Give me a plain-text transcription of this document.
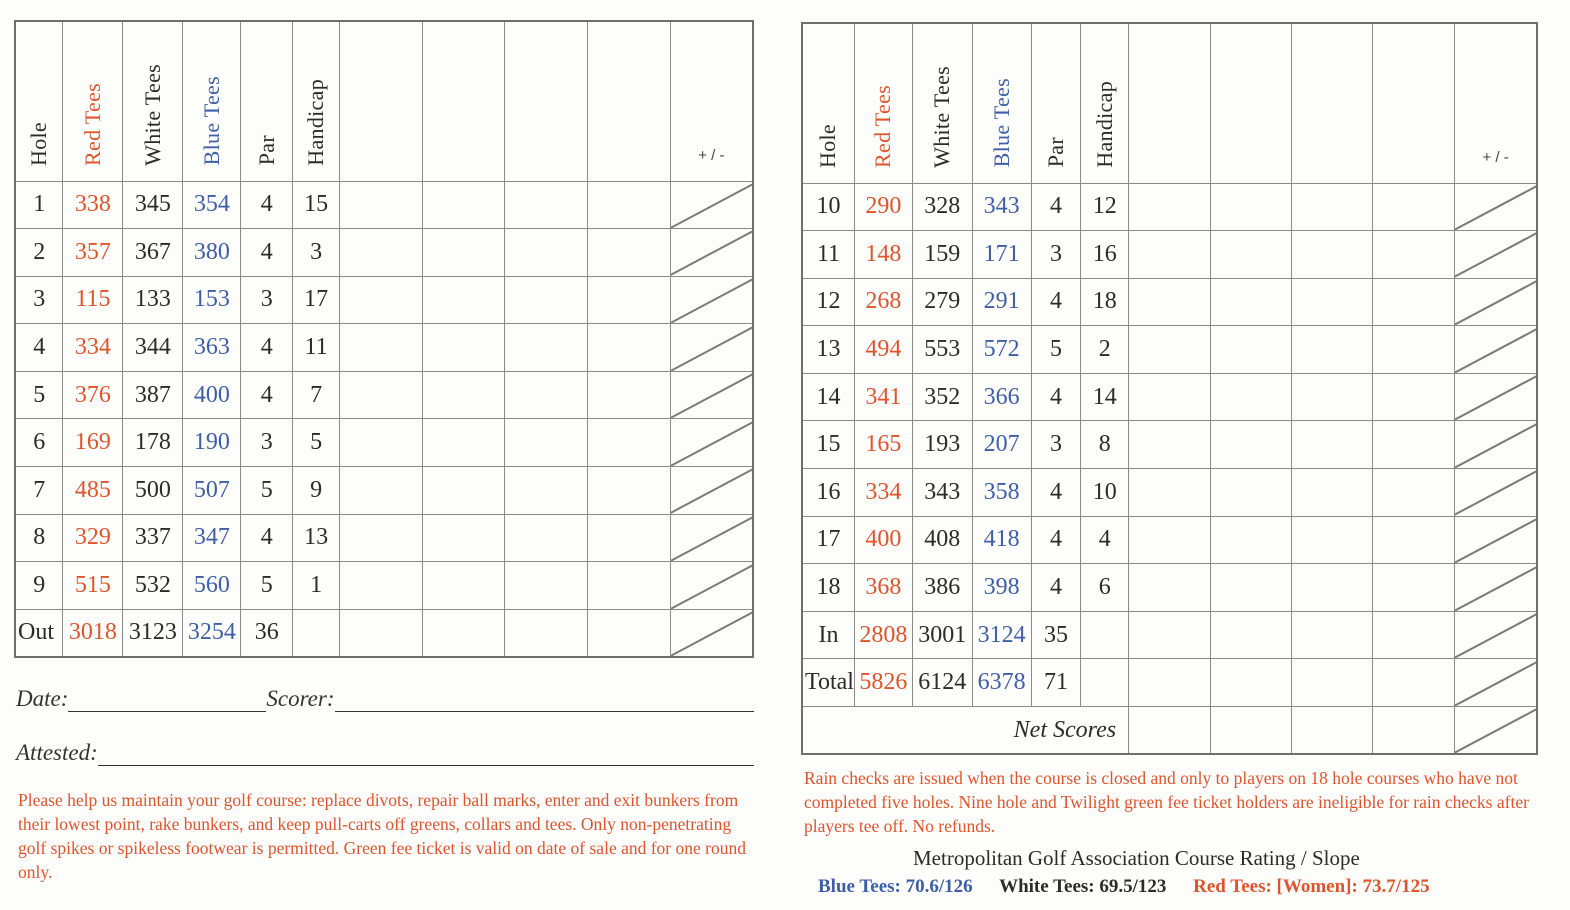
Hole	Red Tees	White Tees	Blue Tees	Par	Handicap					+ / -
1	338	345	354	4	15					
2	357	367	380	4	3					
3	115	133	153	3	17					
4	334	344	363	4	11					
5	376	387	400	4	7					
6	169	178	190	3	5					
7	485	500	507	5	9					
8	329	337	347	4	13					
9	515	532	560	5	1					
Out	3018	3123	3254	36						
Hole	Red Tees	White Tees	Blue Tees	Par	Handicap					+ / -
10	290	328	343	4	12					
11	148	159	171	3	16					
12	268	279	291	4	18					
13	494	553	572	5	2					
14	341	352	366	4	14					
15	165	193	207	3	8					
16	334	343	358	4	10					
17	400	408	418	4	4					
18	368	386	398	4	6					
In	2808	3001	3124	35						
Total	5826	6124	6378	71						
Net Scores										
Date:	Scorer:
Attested:
Please help us maintain your golf course: replace divots, repair ball marks, enter and exit bunkers from their lowest point, rake bunkers, and keep pull-carts off greens, collars and tees. Only non-penetrating golf spikes or spikeless footwear is permitted. Green fee ticket is valid on date of sale and for one round only.
Rain checks are issued when the course is closed and only to players on 18 hole courses who have not completed five holes. Nine hole and Twilight green fee ticket holders are ineligible for rain checks after players tee off. No refunds.
Metropolitan Golf Association Course Rating / Slope
Blue Tees: 70.6/126 White Tees: 69.5/123 Red Tees: [Women]: 73.7/125
